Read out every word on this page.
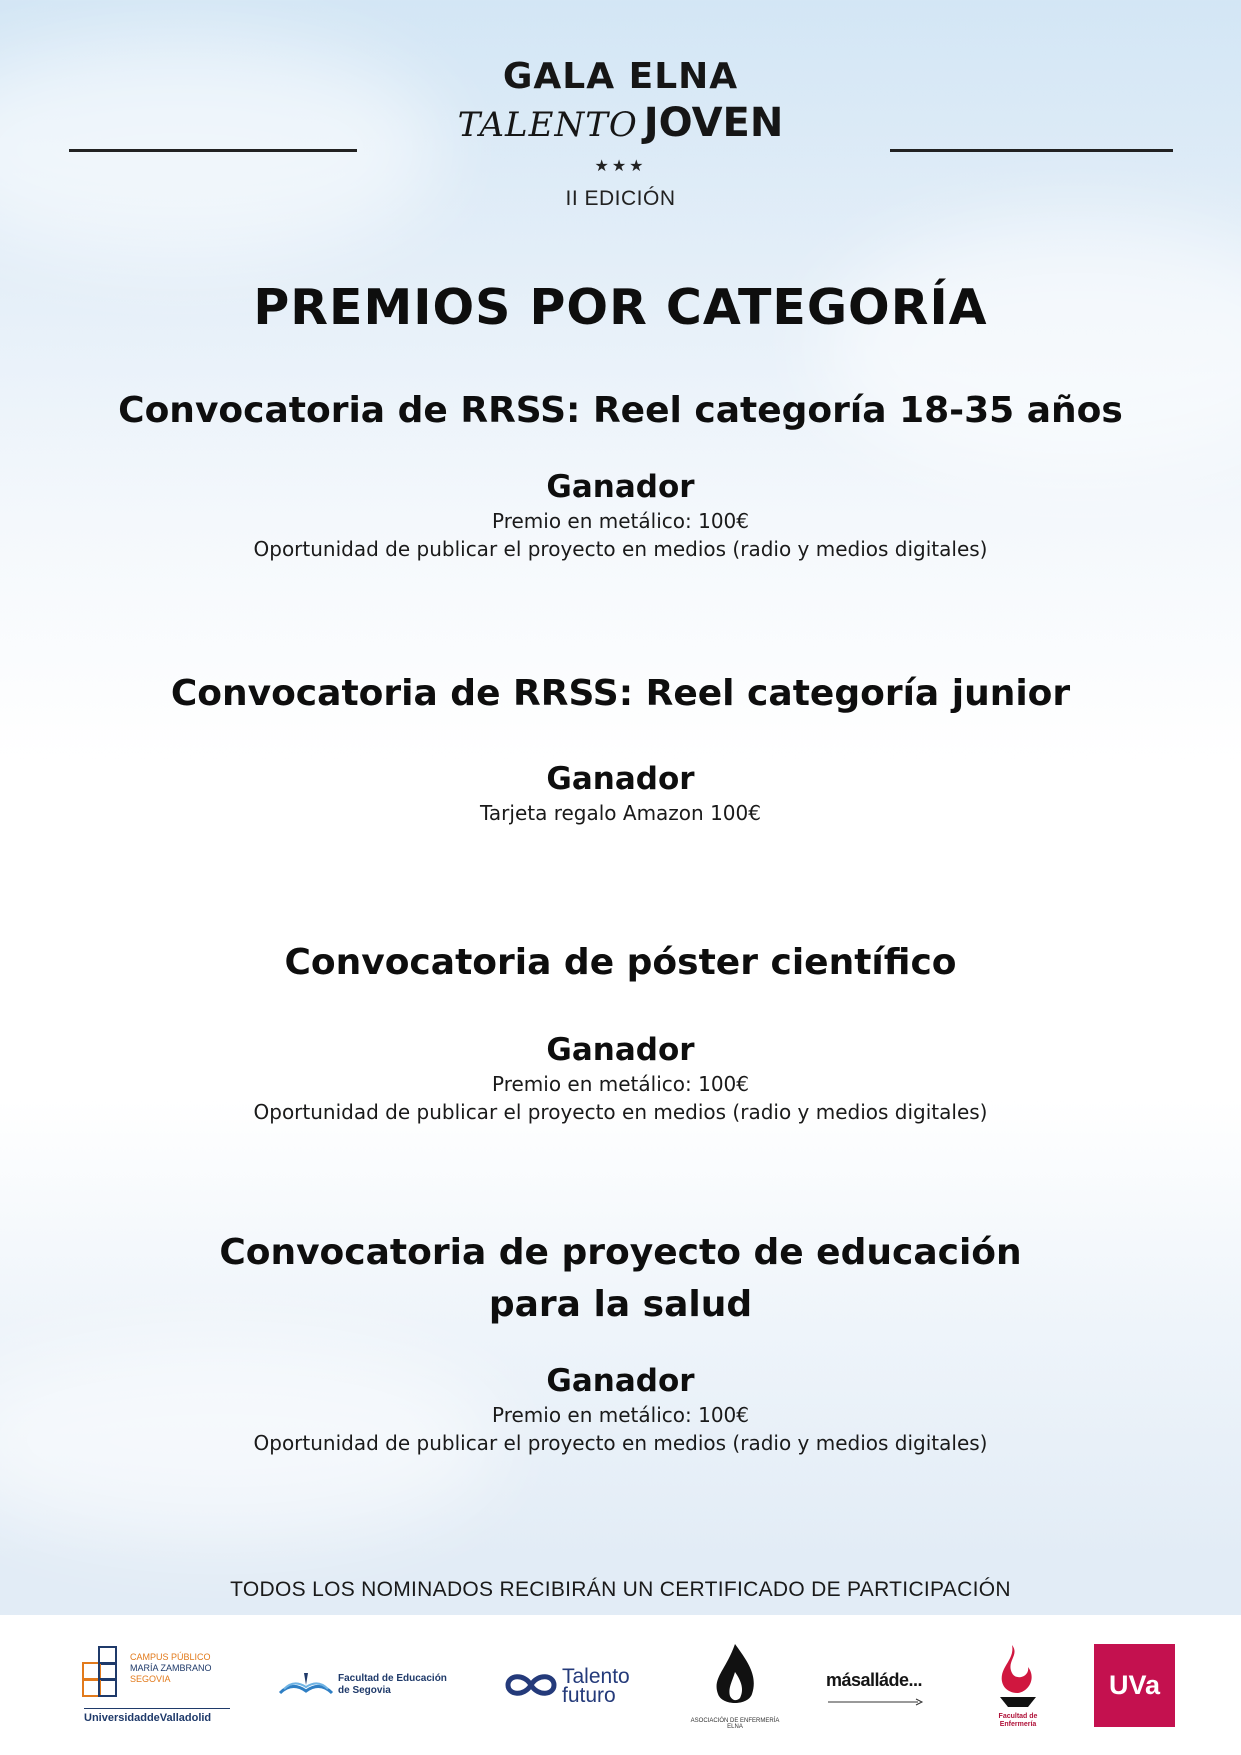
GALA ELNA
TALENTO JOVEN
★★★
II EDICIÓN
PREMIOS POR CATEGORÍA
Convocatoria de RRSS: Reel categoría 18-35 años
Ganador
Premio en metálico: 100€
Oportunidad de publicar el proyecto en medios (radio y medios digitales)
Convocatoria de RRSS: Reel categoría junior
Ganador
Tarjeta regalo Amazon 100€
Convocatoria de póster científico
Ganador
Premio en metálico: 100€
Oportunidad de publicar el proyecto en medios (radio y medios digitales)
Convocatoria de proyecto de educación
para la salud
Ganador
Premio en metálico: 100€
Oportunidad de publicar el proyecto en medios (radio y medios digitales)
TODOS LOS NOMINADOS RECIBIRÁN UN CERTIFICADO DE PARTICIPACIÓN
CAMPUS PÚBLICO
MARÍA ZAMBRANO
SEGOVIA
UniversidaddeValladolid
Facultad de Educación
de Segovia
Talento
futuro
ASOCIACIÓN DE ENFERMERÍA ELNA
másalláde...
Facultad de
Enfermería
UVa
